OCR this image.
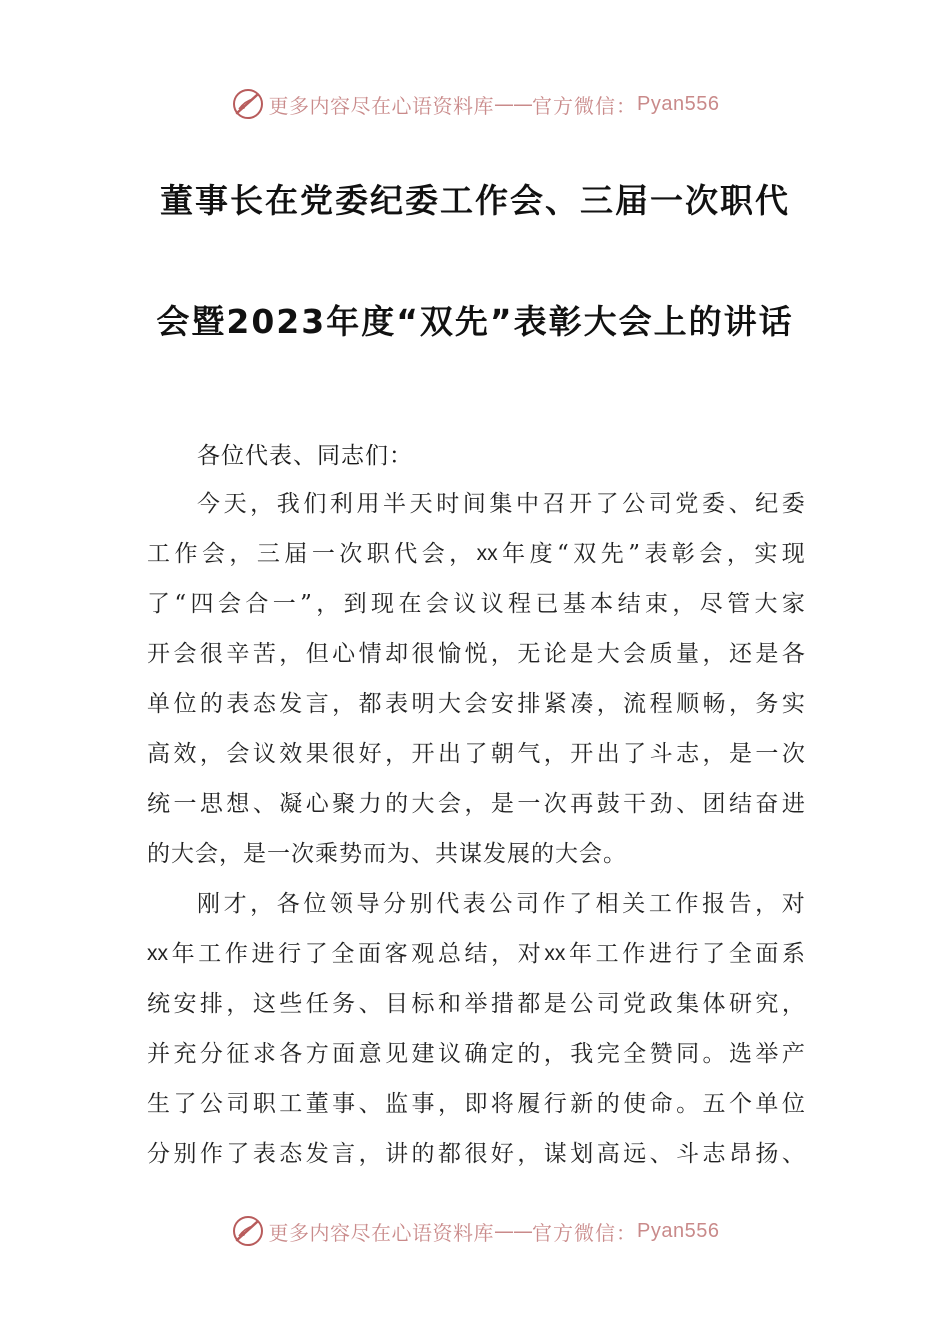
更多内容尽在心语资料库 —— 官方微信： Pyan556
董事长在党委纪委工作会、三届一次职代
会暨2023年度“双先”表彰大会上的讲话
各位代表、同志们：
今 天 ， 我 们 利 用 半 天 时 间 集 中 召 开 了 公 司 党 委 、 纪 委
工 作 会 ， 三 届 一 次 职 代 会 ， xx 年 度 “ 双 先 ” 表 彰 会 ， 实 现
了 “ 四 会 合 一 ” ， 到 现 在 会 议 议 程 已 基 本 结 束 ， 尽 管 大 家
开 会 很 辛 苦 ， 但 心 情 却 很 愉 悦 ， 无 论 是 大 会 质 量 ， 还 是 各
单 位 的 表 态 发 言 ， 都 表 明 大 会 安 排 紧 凑 ， 流 程 顺 畅 ， 务 实
高 效 ， 会 议 效 果 很 好 ， 开 出 了 朝 气 ， 开 出 了 斗 志 ， 是 一 次
统 一 思 想 、 凝 心 聚 力 的 大 会 ， 是 一 次 再 鼓 干 劲 、 团 结 奋 进
的大会，是一次乘势而为、共谋发展的大会。
刚 才 ， 各 位 领 导 分 别 代 表 公 司 作 了 相 关 工 作 报 告 ， 对
xx 年 工 作 进 行 了 全 面 客 观 总 结 ， 对 xx 年 工 作 进 行 了 全 面 系
统 安 排 ， 这 些 任 务 、 目 标 和 举 措 都 是 公 司 党 政 集 体 研 究 ，
并 充 分 征 求 各 方 面 意 见 建 议 确 定 的 ， 我 完 全 赞 同 。 选 举 产
生 了 公 司 职 工 董 事 、 监 事 ， 即 将 履 行 新 的 使 命 。 五 个 单 位
分 别 作 了 表 态 发 言 ， 讲 的 都 很 好 ， 谋 划 高 远 、 斗 志 昂 扬 、
更多内容尽在心语资料库 —— 官方微信： Pyan556
